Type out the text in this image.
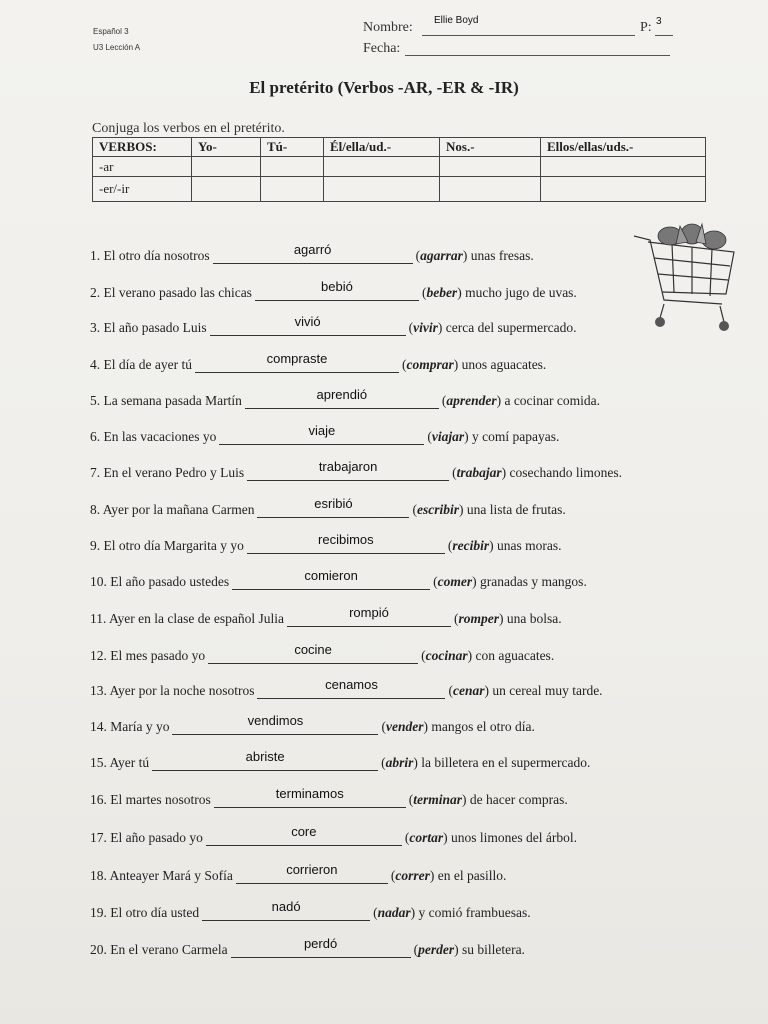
Español 3
U3 Lección A
Nombre: Ellie Boyd	P: 3
Fecha:
El pretérito (Verbos -AR, -ER & -IR)
Conjuga los verbos en el pretérito.
VERBOS:	Yo-	Tú-	Él/ella/ud.-	Nos.-	Ellos/ellas/uds.-
-ar					
-er/-ir					
1. El otro día nosotros	agarró	( agarrar ) unas fresas.
2. El verano pasado las chicas	bebió	( beber ) mucho jugo de uvas.
3. El año pasado Luis	vivió	( vivir ) cerca del supermercado.
4. El día de ayer tú	compraste	( comprar ) unos aguacates.
5. La semana pasada Martín	aprendió	( aprender ) a cocinar comida.
6. En las vacaciones yo	viaje	( viajar ) y comí papayas.
7. En el verano Pedro y Luis	trabajaron	( trabajar ) cosechando limones.
8. Ayer por la mañana Carmen	esribió	( escribir ) una lista de frutas.
9. El otro día Margarita y yo	recibimos	( recibir ) unas moras.
10. El año pasado ustedes	comieron	( comer ) granadas y mangos.
11. Ayer en la clase de español Julia	rompió	( romper ) una bolsa.
12. El mes pasado yo	cocine	( cocinar ) con aguacates.
13. Ayer por la noche nosotros	cenamos	( cenar ) un cereal muy tarde.
14. María y yo	vendimos	( vender ) mangos el otro día.
15. Ayer tú	abriste	( abrir ) la billetera en el supermercado.
16. El martes nosotros	terminamos	( terminar ) de hacer compras.
17. El año pasado yo	core	( cortar ) unos limones del árbol.
18. Anteayer Mará y Sofía	corrieron	( correr ) en el pasillo.
19. El otro día usted	nadó	( nadar ) y comió frambuesas.
20. En el verano Carmela	perdó	( perder ) su billetera.
